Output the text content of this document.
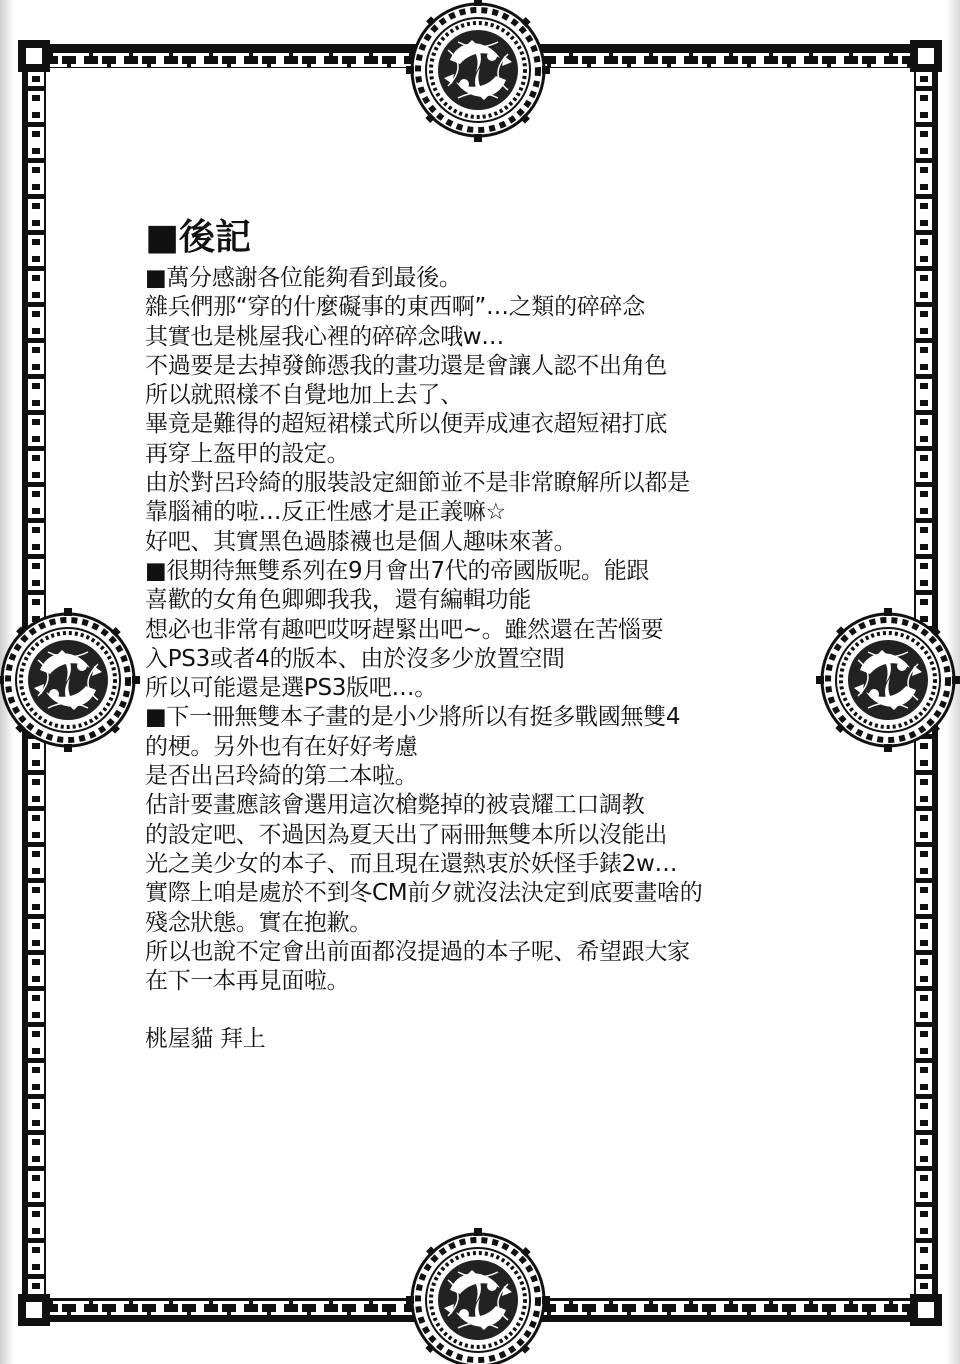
■後記
■萬分感謝各位能夠看到最後。
雜兵們那“穿的什麼礙事的東西啊”…之類的碎碎念
其實也是桃屋我心裡的碎碎念哦w…
不過要是去掉發飾憑我的畫功還是會讓人認不出角色
所以就照樣不自覺地加上去了、
畢竟是難得的超短裙樣式所以便弄成連衣超短裙打底
再穿上盔甲的設定。
由於對呂玲綺的服裝設定細節並不是非常瞭解所以都是
靠腦補的啦…反正性感才是正義嘛☆
好吧、其實黑色過膝襪也是個人趣味來著。
■很期待無雙系列在9月會出7代的帝國版呢。能跟
喜歡的女角色卿卿我我，還有編輯功能
想必也非常有趣吧哎呀趕緊出吧~。雖然還在苦惱要
入PS3或者4的版本、由於沒多少放置空間
所以可能還是選PS3版吧…。
■下一冊無雙本子畫的是小少將所以有挺多戰國無雙4
的梗。另外也有在好好考慮
是否出呂玲綺的第二本啦。
估計要畫應該會選用這次槍斃掉的被袁耀工口調教
的設定吧、不過因為夏天出了兩冊無雙本所以沒能出
光之美少女的本子、而且現在還熱衷於妖怪手錶2w…
實際上咱是處於不到冬CM前夕就沒法決定到底要畫啥的
殘念狀態。實在抱歉。
所以也說不定會出前面都沒提過的本子呢、希望跟大家
在下一本再見面啦。
桃屋貓 拜上
